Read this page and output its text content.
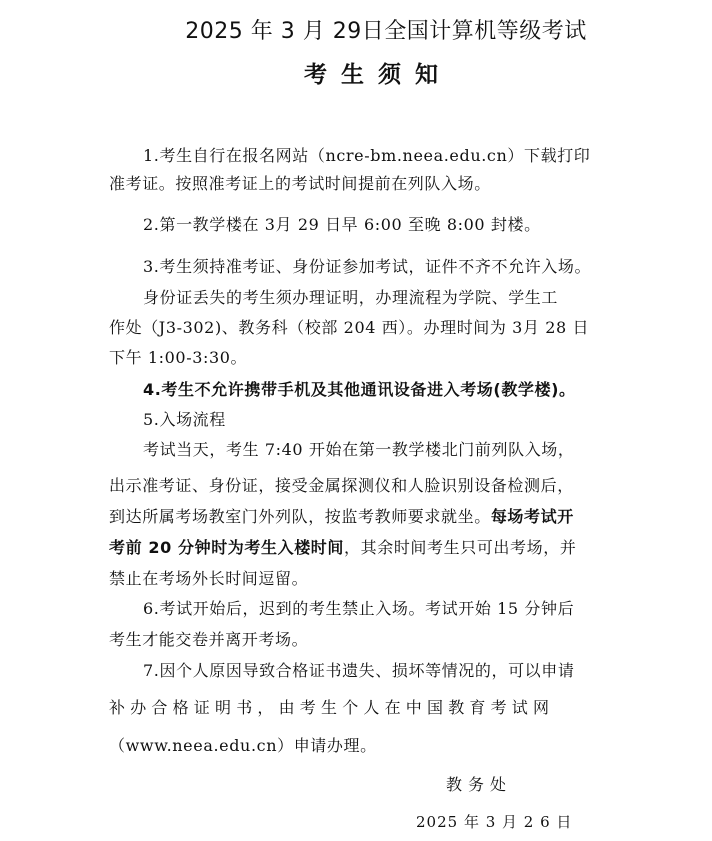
2025 年 3 月 29日全国计算机等级考试
考生须知
1.考生自行在报名网站（ncre-bm.neea.edu.cn）下载打印
准考证。按照准考证上的考试时间提前在列队入场。
2.第一教学楼在 3月 29 日早 6:00 至晚 8:00 封楼。
3.考生须持准考证、身份证参加考试，证件不齐不允许入场。
身份证丢失的考生须办理证明，办理流程为学院、学生工
作处（J3-302)、教务科（校部 204 西）。办理时间为 3月 28 日
下午 1:00-3:30。
4.考生不允许携带手机及其他通讯设备进入考场(教学楼)。
5.入场流程
考试当天，考生 7:40 开始在第一教学楼北门前列队入场，
出示准考证、身份证，接受金属探测仪和人脸识别设备检测后，
到达所属考场教室门外列队，按监考教师要求就坐。每场考试开
考前 20 分钟时为考生入楼时间，其余时间考生只可出考场，并
禁止在考场外长时间逗留。
6.考试开始后，迟到的考生禁止入场。考试开始 15 分钟后
考生才能交卷并离开考场。
7.因个人原因导致合格证书遗失、损坏等情况的，可以申请
补办合格证明书，由考生个人在中国教育考试网
（www.neea.edu.cn）申请办理。
教务处
2025 年 3 月 2 6 日
